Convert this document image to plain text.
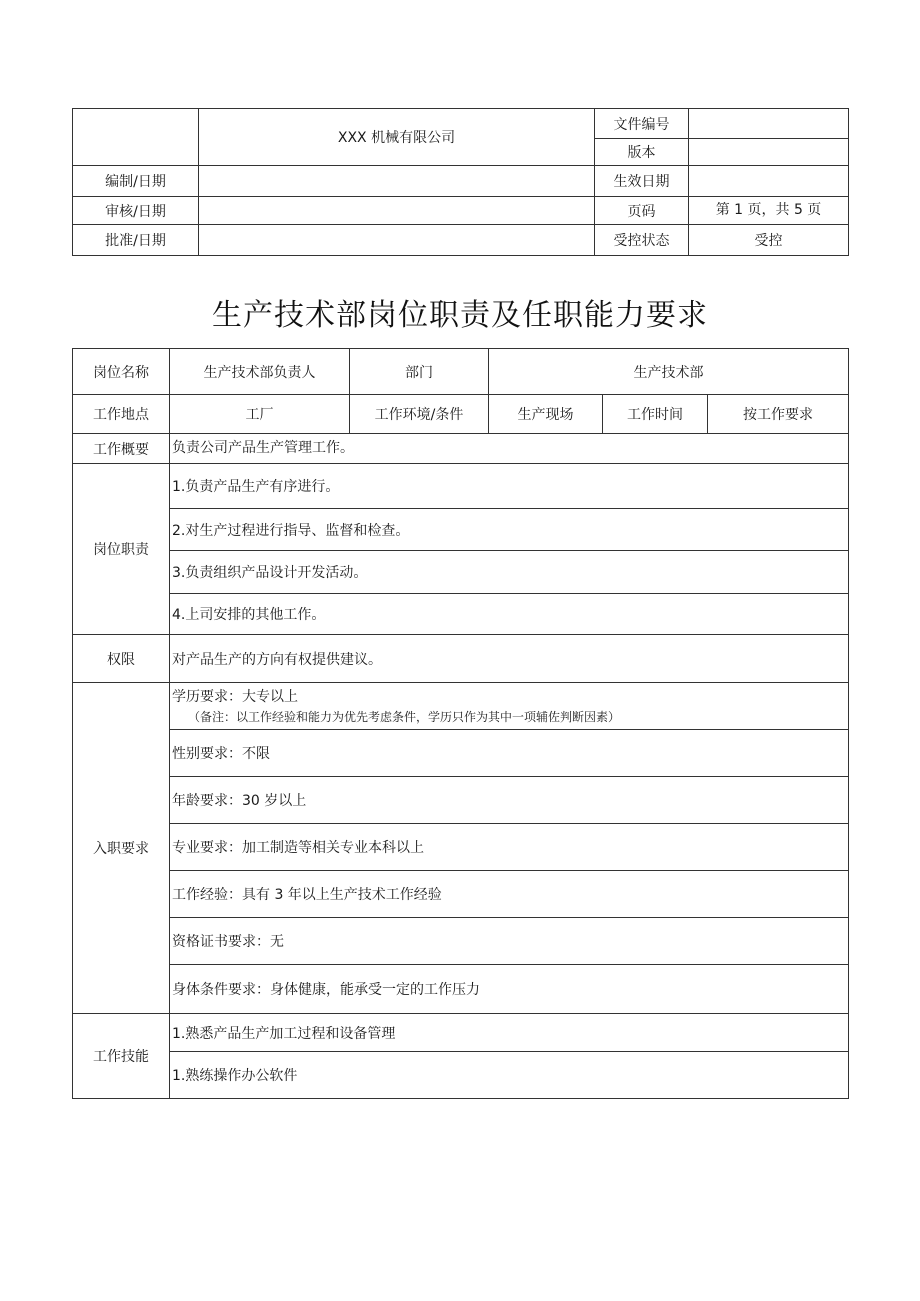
	XXX 机械有限公司	文件编号	
		版本	
编制/日期		生效日期	
审核/日期		页码	第 1 页，共 5 页
批准/日期		受控状态	受控
生产技术部岗位职责及任职能力要求
岗位名称	生产技术部负责人	部门	生产技术部		
工作地点	工厂	工作环境/条件	生产现场	工作时间	按工作要求
工作概要	负责公司产品生产管理工作。				
岗位职责	1.负责产品生产有序进行。				
	2.对生产过程进行指导、监督和检查。				
	3.负责组织产品设计开发活动。				
	4.上司安排的其他工作。				
权限	对产品生产的方向有权提供建议。				
入职要求	学历要求：大专以上
（备注：以工作经验和能力为优先考虑条件，学历只作为其中一项辅佐判断因素）				

	性别要求：不限				
	年龄要求：30 岁以上				
	专业要求：加工制造等相关专业本科以上				
	工作经验：具有 3 年以上生产技术工作经验				
	资格证书要求：无				
	身体条件要求：身体健康，能承受一定的工作压力				
工作技能	1.熟悉产品生产加工过程和设备管理				
	1.熟练操作办公软件				
